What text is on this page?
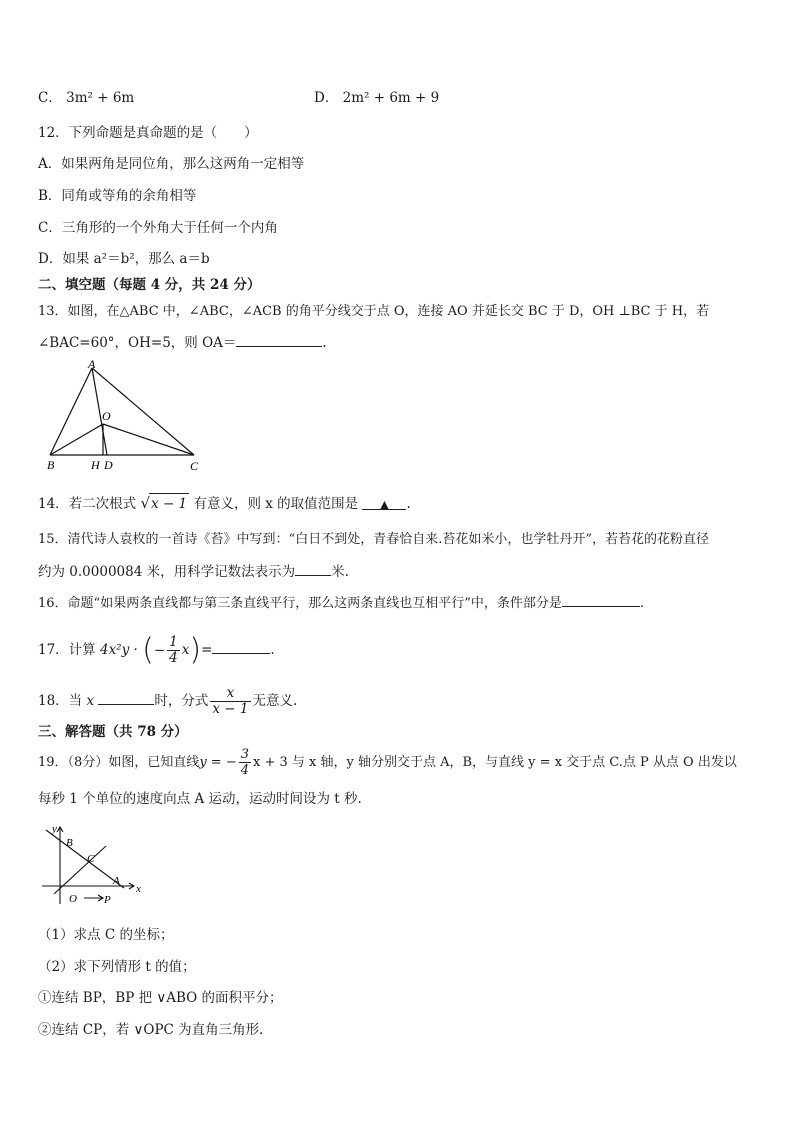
C． 3m² + 6m	D． 2m² + 6m + 9
12．下列命题是真命题的是（　　）
A．如果两角是同位角，那么这两角一定相等
B．同角或等角的余角相等
C．三角形的一个外角大于任何一个内角
D．如果 a²＝b²，那么 a＝b
二、填空题（每题 4 分，共 24 分）
13．如图，在△ABC 中，∠ABC，∠ACB 的角平分线交于点 O，连接 AO 并延长交 BC 于 D，OH ⊥BC 于 H，若
∠BAC=60°，OH=5，则 OA＝	.
A
O
B	H D	C
14．若二次根式 √x − 1 有意义，则 x 的取值范围是 ▲ .
15．清代诗人袁枚的一首诗《苔》中写到：“白日不到处，青春恰自来.苔花如米小，也学牡丹开”，若苔花的花粉直径
约为 0.0000084 米，用科学记数法表示为	米.
16．命题“如果两条直线都与第三条直线平行，那么这两条直线也互相平行”中，条件部分是	.
17．计算 4x²y · (− $\frac{1}{4} x)=$	.
18．当 x	时，分式 $\frac{x}{x - 1}$ 无意义.
三、解答题（共 78 分）
19．（8分）如图，已知直线y = − $\frac{3}{4}$ x + 3 与 x 轴，y 轴分别交于点 A，B，与直线 y = x 交于点 C.点 P 从点 O 出发以
每秒 1 个单位的速度向点 A 运动，运动时间设为 t 秒.
y
B
C
A
O P
x
（1）求点 C 的坐标；
（2）求下列情形 t 的值；
①连结 BP，BP 把 ∨ABO 的面积平分；
②连结 CP，若 ∨OPC 为直角三角形.
